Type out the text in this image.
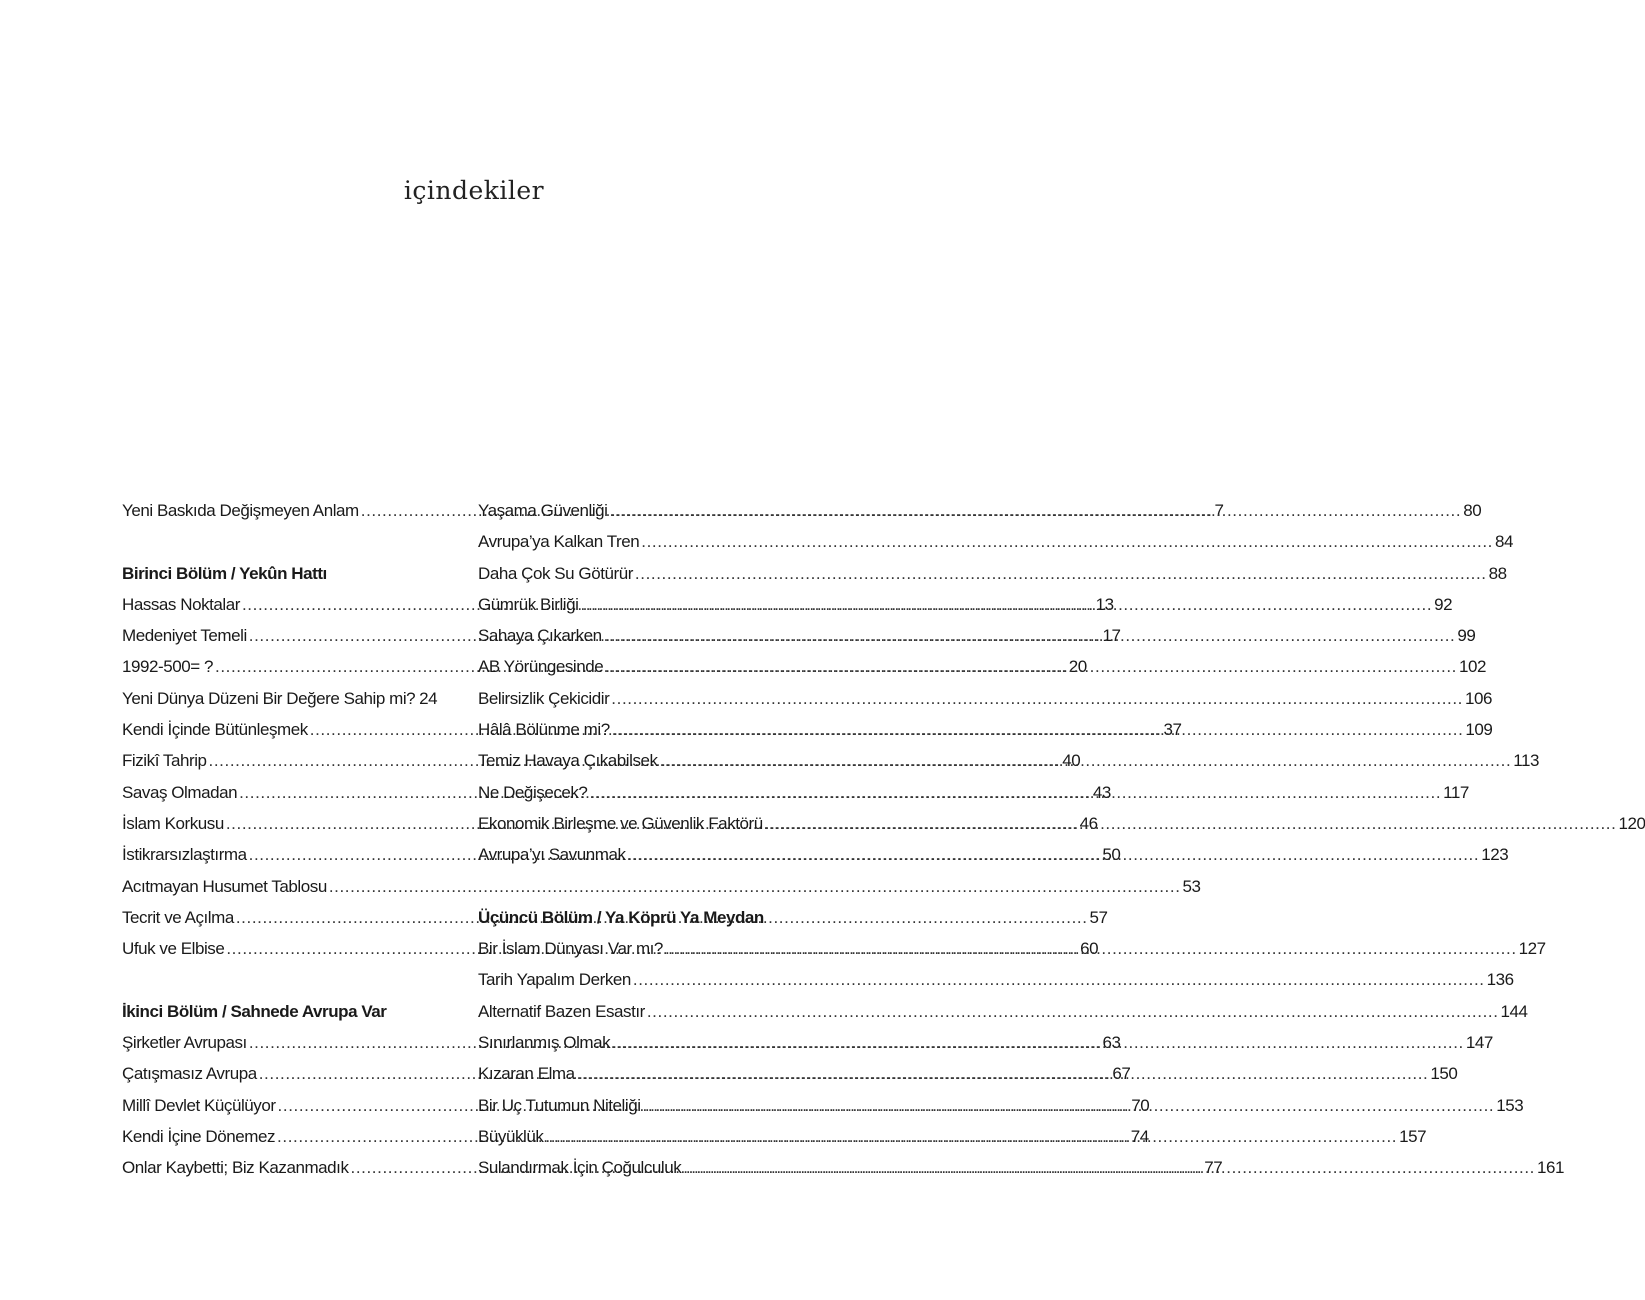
içindekiler
Yeni Baskıda Değişmeyen Anlam .....	7
Birinci Bölüm / Yekûn Hattı
Hassas Noktalar .....	13
Medeniyet Temeli .....	17
1992-500= ? .....	20
Yeni Dünya Düzeni Bir Değere Sahip mi? 24
Kendi İçinde Bütünleşmek .....	37
Fizikî Tahrip .....	40
Savaş Olmadan .....	43
İslam Korkusu .....	46
İstikrarsızlaştırma .....	50
Acıtmayan Husumet Tablosu .....	53
Tecrit ve Açılma .....	57
Ufuk ve Elbise .....	60
İkinci Bölüm / Sahnede Avrupa Var
Şirketler Avrupası .....	63
Çatışmasız Avrupa .....	67
Millî Devlet Küçülüyor .....	70
Kendi İçine Dönemez .....	74
Onlar Kaybetti; Biz Kazanmadık .....	77
Yaşama Güvenliği .....	80
Avrupa’ya Kalkan Tren .....	84
Daha Çok Su Götürür .....	88
Gümrük Birliği .....	92
Sahaya Çıkarken .....	99
AB Yörüngesinde .....	102
Belirsizlik Çekicidir .....	106
Hâlâ Bölünme mi? .....	109
Temiz Havaya Çıkabilsek .....	113
Ne Değişecek? .....	117
Ekonomik Birleşme ve Güvenlik Faktörü .....	120
Avrupa’yı Savunmak .....	123
Üçüncü Bölüm / Ya Köprü Ya Meydan
Bir İslam Dünyası Var mı? .....	127
Tarih Yapalım Derken .....	136
Alternatif Bazen Esastır .....	144
Sınırlanmış Olmak .....	147
Kızaran Elma .....	150
Bir Uç Tutumun Niteliği .....	153
Büyüklük .....	157
Sulandırmak İçin Çoğulculuk .....	161
